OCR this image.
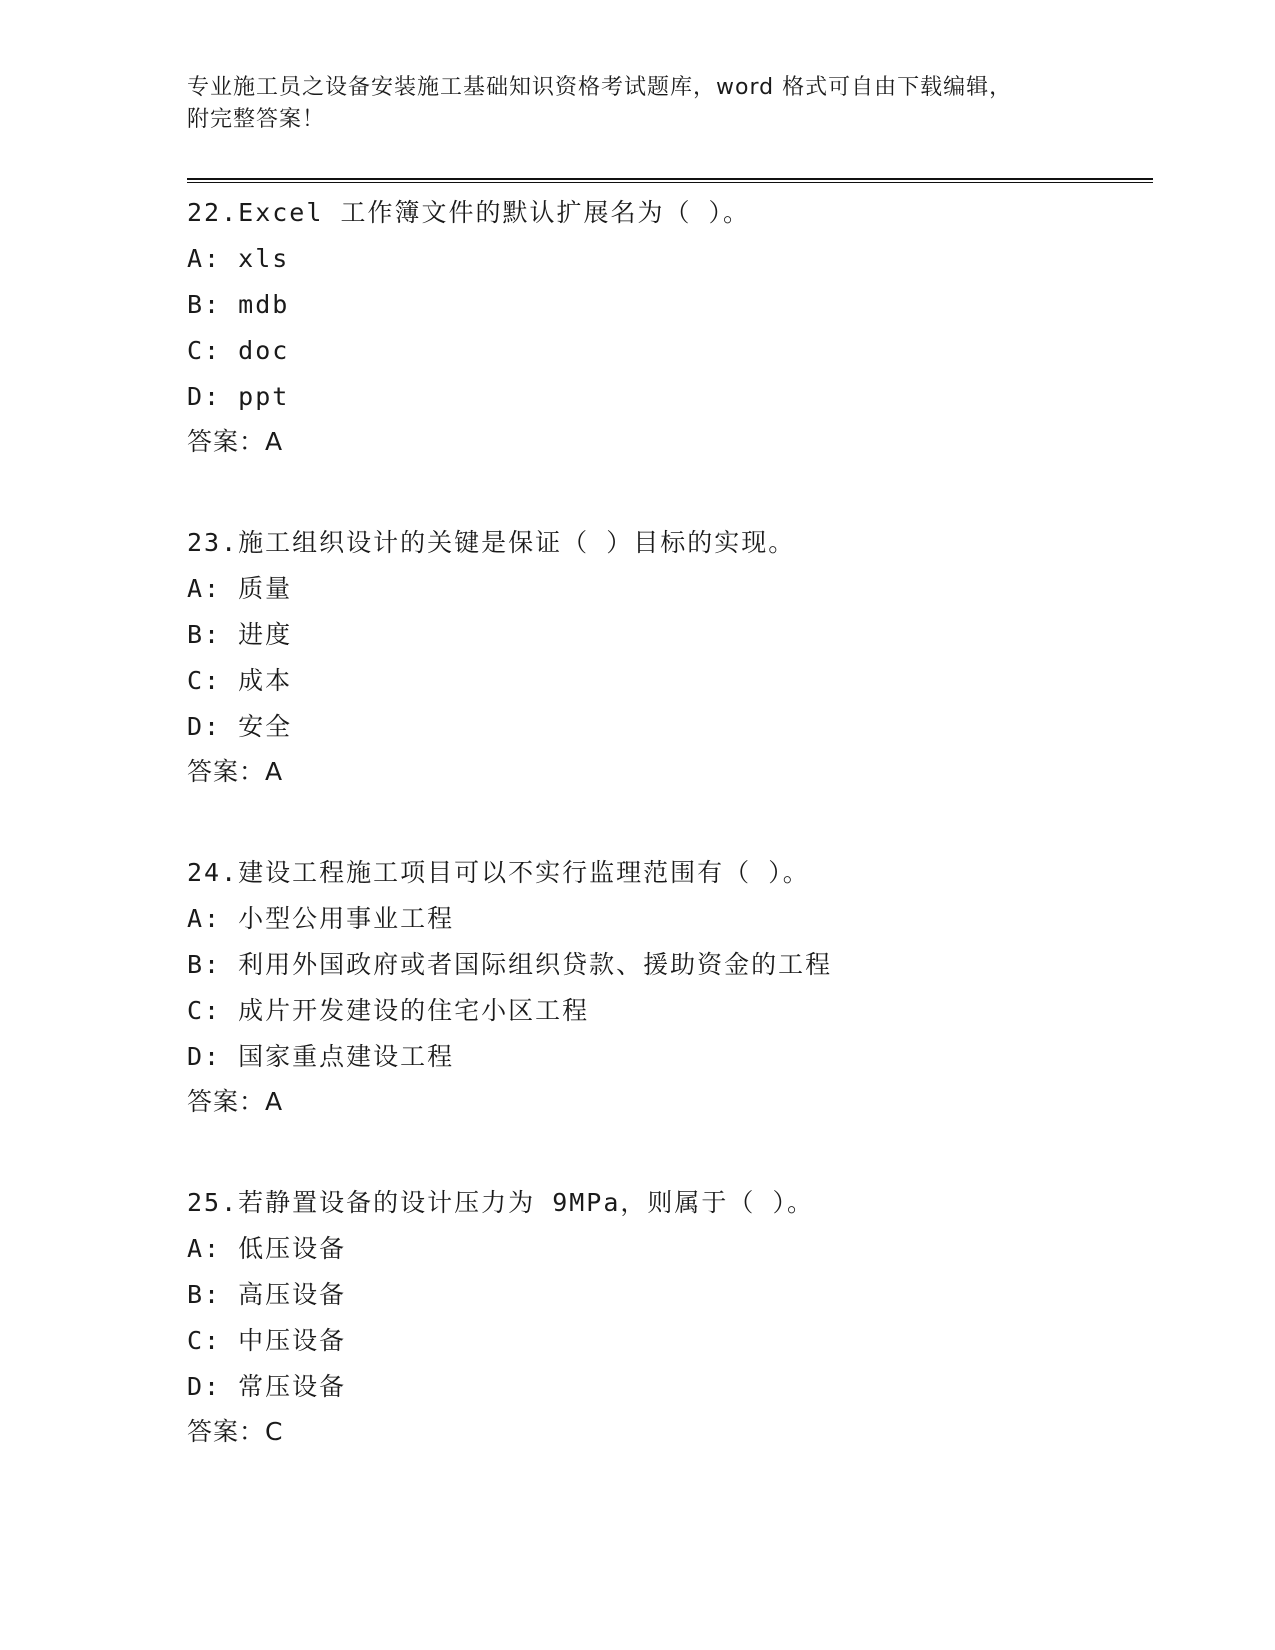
专业施工员之设备安装施工基础知识资格考试题库，word 格式可自由下载编辑，
附完整答案！
22.Excel 工作簿文件的默认扩展名为（ ）。
A: xls
B: mdb
C: doc
D: ppt
答案：A
23.施工组织设计的关键是保证（ ）目标的实现。
A: 质量
B: 进度
C: 成本
D: 安全
答案：A
24.建设工程施工项目可以不实行监理范围有（ ）。
A: 小型公用事业工程
B: 利用外国政府或者国际组织贷款、援助资金的工程
C: 成片开发建设的住宅小区工程
D: 国家重点建设工程
答案：A
25.若静置设备的设计压力为 9MPa，则属于（ ）。
A: 低压设备
B: 高压设备
C: 中压设备
D: 常压设备
答案：C
